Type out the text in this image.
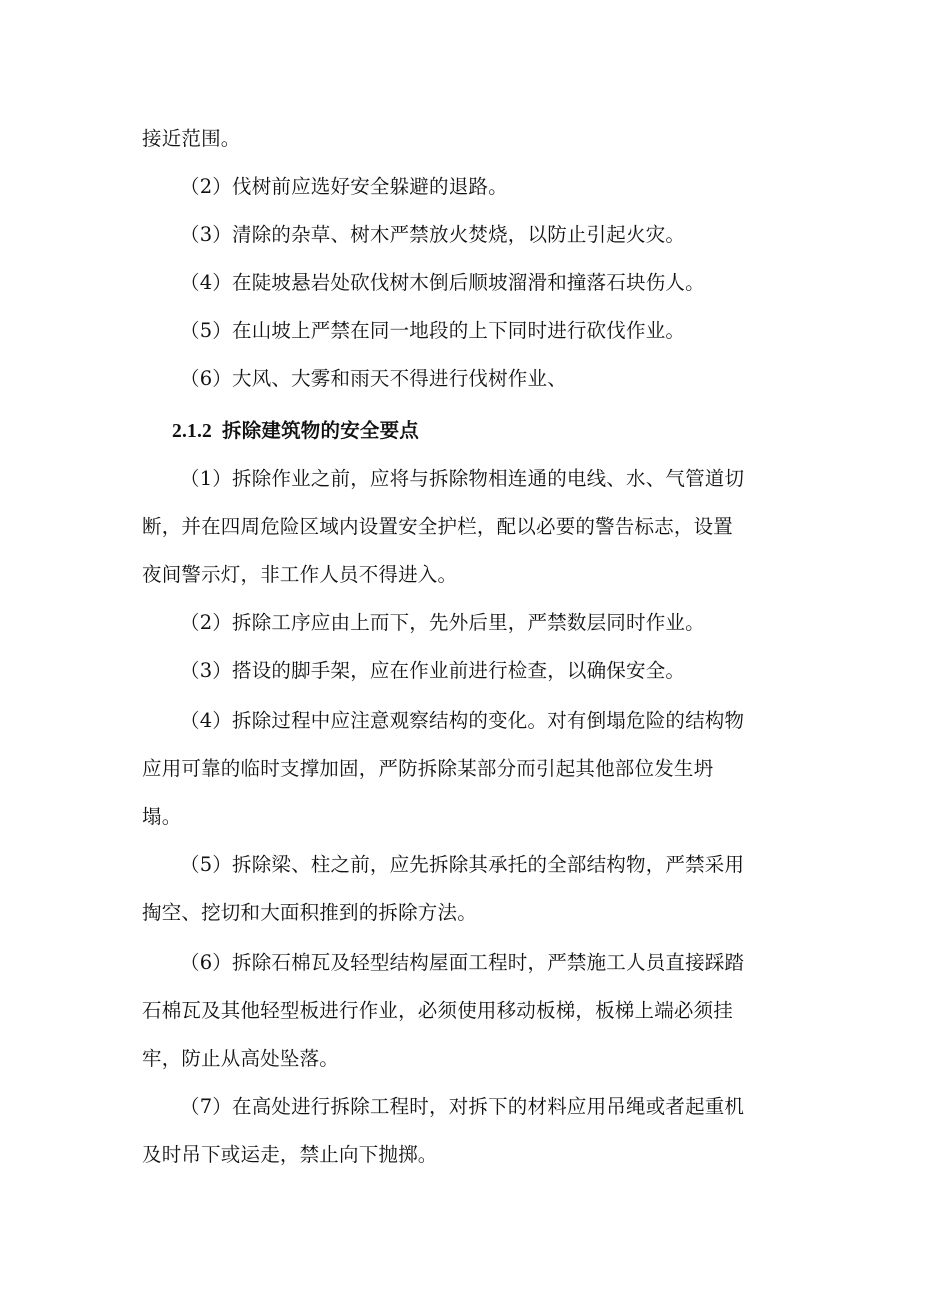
接近范围。
（2）伐树前应选好安全躲避的退路。
（3）清除的杂草、树木严禁放火焚烧，以防止引起火灾。
（4）在陡坡悬岩处砍伐树木倒后顺坡溜滑和撞落石块伤人。
（5）在山坡上严禁在同一地段的上下同时进行砍伐作业。
（6）大风、大雾和雨天不得进行伐树作业、
2.1.2 拆除建筑物的安全要点
（1）拆除作业之前，应将与拆除物相连通的电线、水、气管道切
断，并在四周危险区域内设置安全护栏，配以必要的警告标志，设置
夜间警示灯，非工作人员不得进入。
（2）拆除工序应由上而下，先外后里，严禁数层同时作业。
（3）搭设的脚手架，应在作业前进行检查，以确保安全。
（4）拆除过程中应注意观察结构的变化。对有倒塌危险的结构物
应用可靠的临时支撑加固，严防拆除某部分而引起其他部位发生坍
塌。
（5）拆除梁、柱之前，应先拆除其承托的全部结构物，严禁采用
掏空、挖切和大面积推到的拆除方法。
（6）拆除石棉瓦及轻型结构屋面工程时，严禁施工人员直接踩踏
石棉瓦及其他轻型板进行作业，必须使用移动板梯，板梯上端必须挂
牢，防止从高处坠落。
（7）在高处进行拆除工程时，对拆下的材料应用吊绳或者起重机
及时吊下或运走，禁止向下抛掷。
